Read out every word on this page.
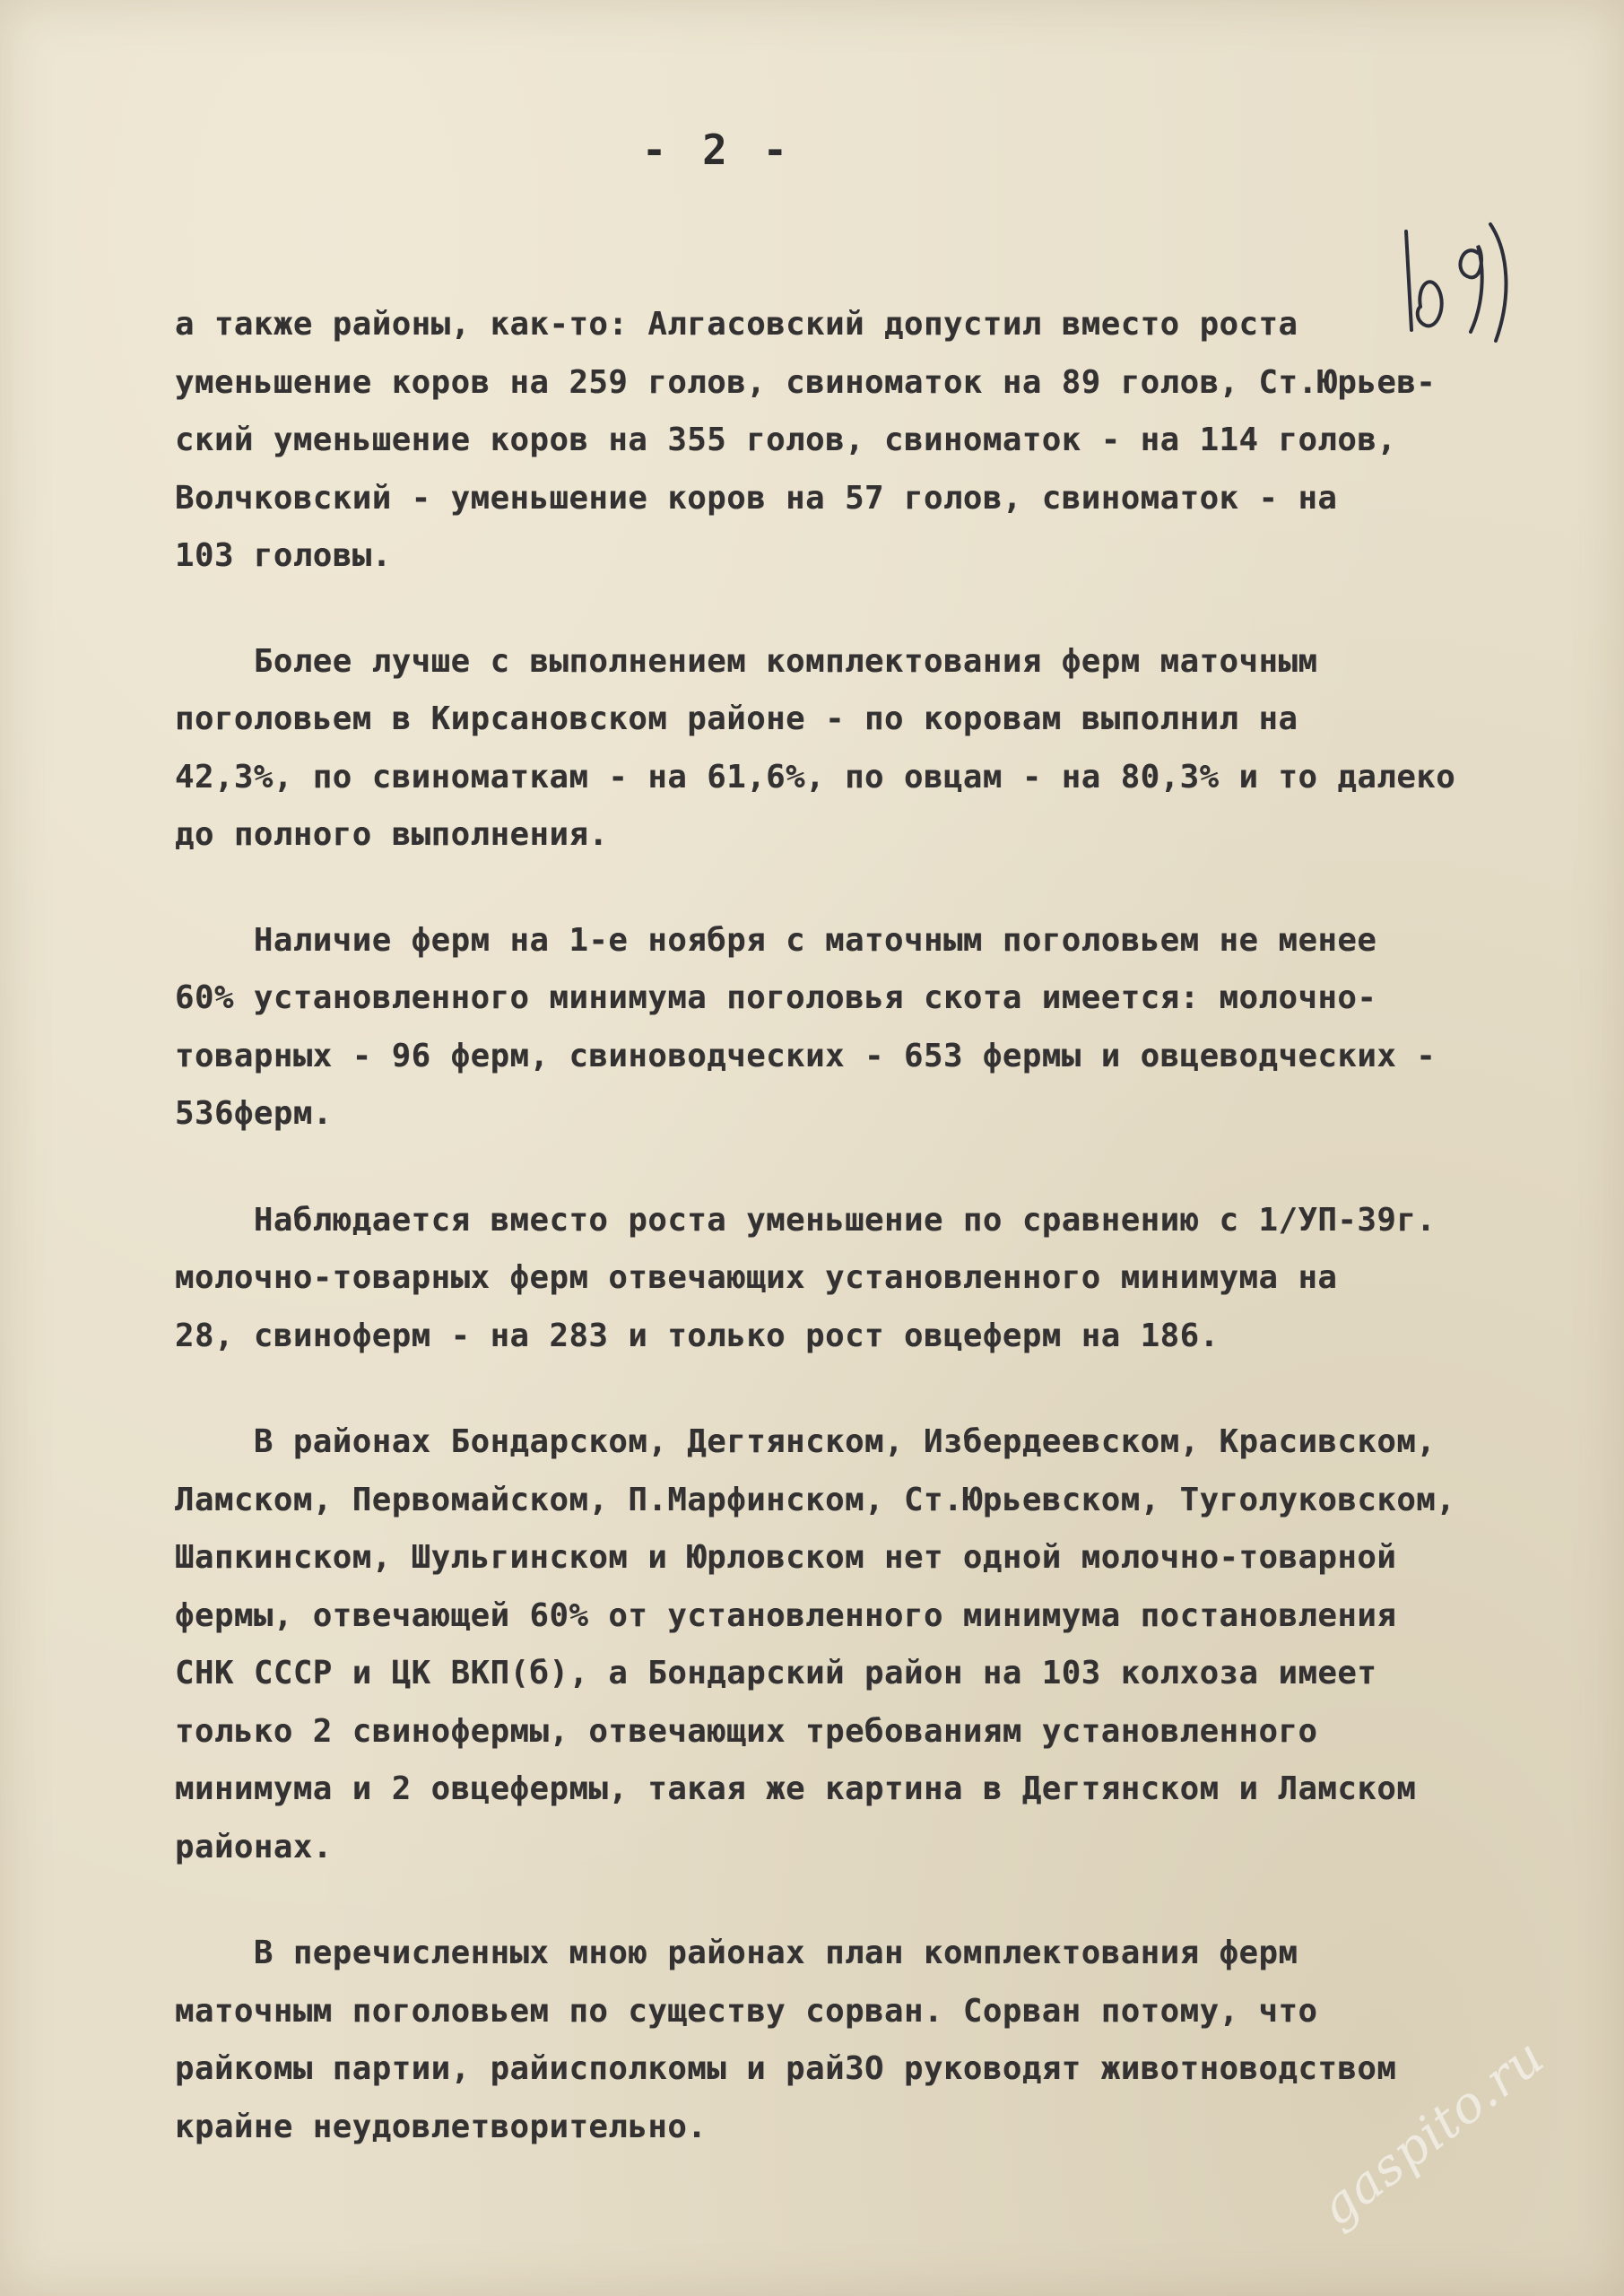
- 2 -
а также районы, как-то: Алгасовский допустил вместо роста
уменьшение коров на 259 голов, свиноматок на 89 голов, Ст.Юрьев-
ский уменьшение коров на 355 голов, свиноматок - на 114 голов,
Волчковский - уменьшение коров на 57 голов, свиноматок - на
103 головы.
Более лучше с выполнением комплектования ферм маточным
поголовьем в Кирсановском районе - по коровам выполнил на
42,3%, по свиноматкам - на 61,6%, по овцам - на 80,3% и то далеко
до полного выполнения.
Наличие ферм на 1-е ноября с маточным поголовьем не менее
60% установленного минимума поголовья скота имеется: молочно-
товарных - 96 ферм, свиноводческих - 653 фермы и овцеводческих -
536ферм.
Наблюдается вместо роста уменьшение по сравнению с 1/УП-39г.
молочно-товарных ферм отвечающих установленного минимума на
28, свиноферм - на 283 и только рост овцеферм на 186.
В районах Бондарском, Дегтянском, Избердеевском, Красивском,
Ламском, Первомайском, П.Марфинском, Ст.Юрьевском, Туголуковском,
Шапкинском, Шульгинском и Юрловском нет одной молочно-товарной
фермы, отвечающей 60% от установленного минимума постановления
СНК СССР и ЦК ВКП(б), а Бондарский район на 103 колхоза имеет
только 2 свинофермы, отвечающих требованиям установленного
минимума и 2 овцефермы, такая же картина в Дегтянском и Ламском
районах.
В перечисленных мною районах план комплектования ферм
маточным поголовьем по существу сорван. Сорван потому, что
райкомы партии, райисполкомы и райЗО руководят животноводством
крайне неудовлетворительно.	gaspito.ru
